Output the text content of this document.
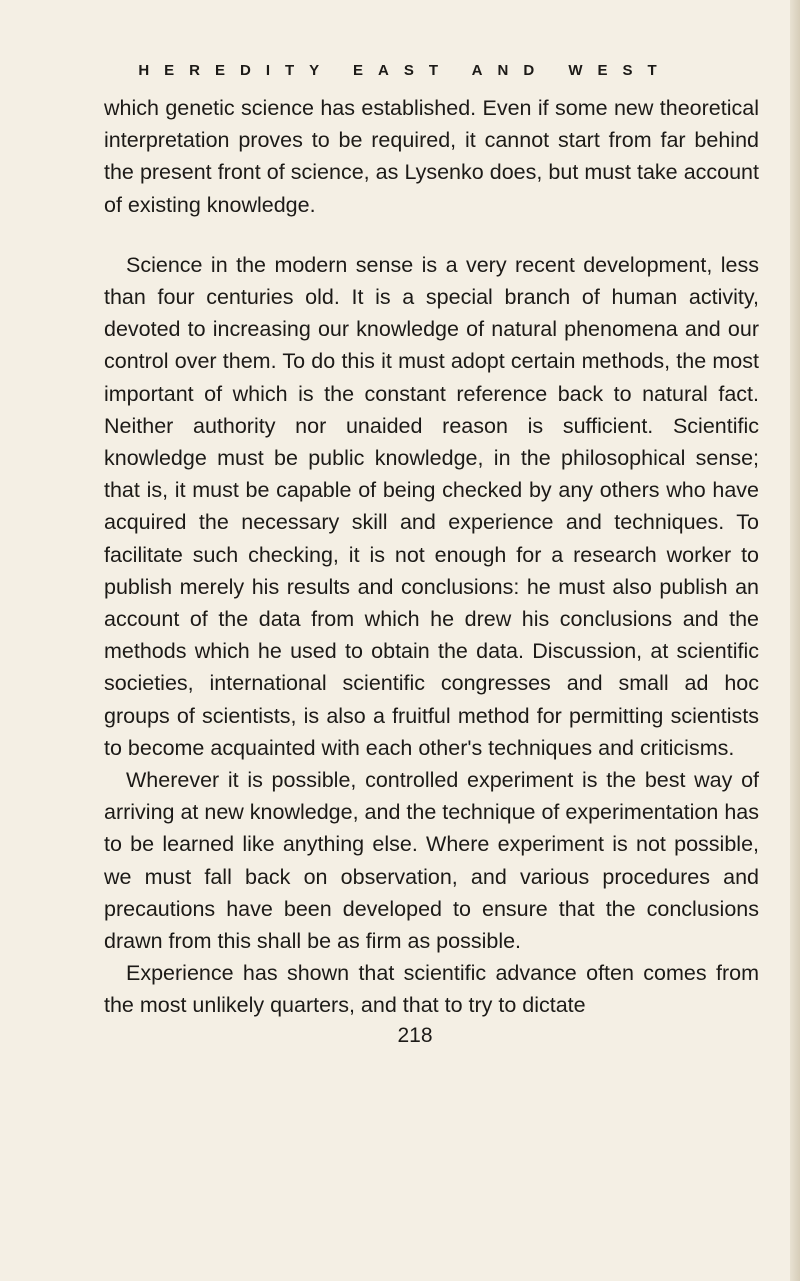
HEREDITY EAST AND WEST

which genetic science has established. Even if some new theoretical interpretation proves to be required, it cannot start from far behind the present front of science, as Lysenko does, but must take account of existing knowledge.

Science in the modern sense is a very recent development, less than four centuries old. It is a special branch of human activity, devoted to increasing our knowledge of natural phenomena and our control over them. To do this it must adopt certain methods, the most important of which is the constant reference back to natural fact. Neither authority nor unaided reason is sufficient. Scientific knowledge must be public knowledge, in the philosophical sense; that is, it must be capable of being checked by any others who have acquired the necessary skill and experience and techniques. To facilitate such checking, it is not enough for a research worker to publish merely his results and conclusions: he must also publish an account of the data from which he drew his conclusions and the methods which he used to obtain the data. Discussion, at scientific societies, international scientific congresses and small ad hoc groups of scientists, is also a fruitful method for permitting scientists to become acquainted with each other's techniques and criticisms.

Wherever it is possible, controlled experiment is the best way of arriving at new knowledge, and the technique of experimentation has to be learned like anything else. Where experiment is not possible, we must fall back on observation, and various procedures and precautions have been developed to ensure that the conclusions drawn from this shall be as firm as possible.

Experience has shown that scientific advance often comes from the most unlikely quarters, and that to try to dictate

218
